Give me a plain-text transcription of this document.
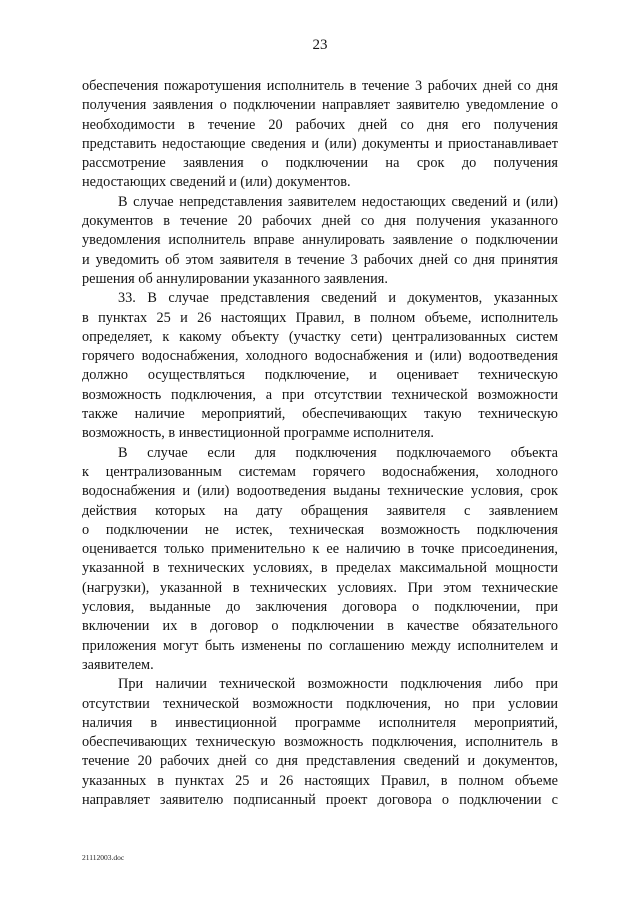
23
обеспечения пожаротушения исполнитель в течение 3 рабочих дней со дня
получения заявления о подключении направляет заявителю уведомление о
необходимости в течение 20 рабочих дней со дня его получения
представить недостающие сведения и (или) документы и приостанавливает
рассмотрение заявления о подключении на срок до получения
недостающих сведений и (или) документов.
В случае непредставления заявителем недостающих сведений и (или)
документов в течение 20 рабочих дней со дня получения указанного
уведомления исполнитель вправе аннулировать заявление о подключении
и уведомить об этом заявителя в течение 3 рабочих дней со дня принятия
решения об аннулировании указанного заявления.
33. В случае представления сведений и документов, указанных
в пунктах 25 и 26 настоящих Правил, в полном объеме, исполнитель
определяет, к какому объекту (участку сети) централизованных систем
горячего водоснабжения, холодного водоснабжения и (или) водоотведения
должно осуществляться подключение, и оценивает техническую
возможность подключения, а при отсутствии технической возможности
также наличие мероприятий, обеспечивающих такую техническую
возможность, в инвестиционной программе исполнителя.
В случае если для подключения подключаемого объекта
к централизованным системам горячего водоснабжения, холодного
водоснабжения и (или) водоотведения выданы технические условия, срок
действия которых на дату обращения заявителя с заявлением
о подключении не истек, техническая возможность подключения
оценивается только применительно к ее наличию в точке присоединения,
указанной в технических условиях, в пределах максимальной мощности
(нагрузки), указанной в технических условиях. При этом технические
условия, выданные до заключения договора о подключении, при
включении их в договор о подключении в качестве обязательного
приложения могут быть изменены по соглашению между исполнителем и
заявителем.
При наличии технической возможности подключения либо при
отсутствии технической возможности подключения, но при условии
наличия в инвестиционной программе исполнителя мероприятий,
обеспечивающих техническую возможность подключения, исполнитель в
течение 20 рабочих дней со дня представления сведений и документов,
указанных в пунктах 25 и 26 настоящих Правил, в полном объеме
направляет заявителю подписанный проект договора о подключении с
21112003.doc
